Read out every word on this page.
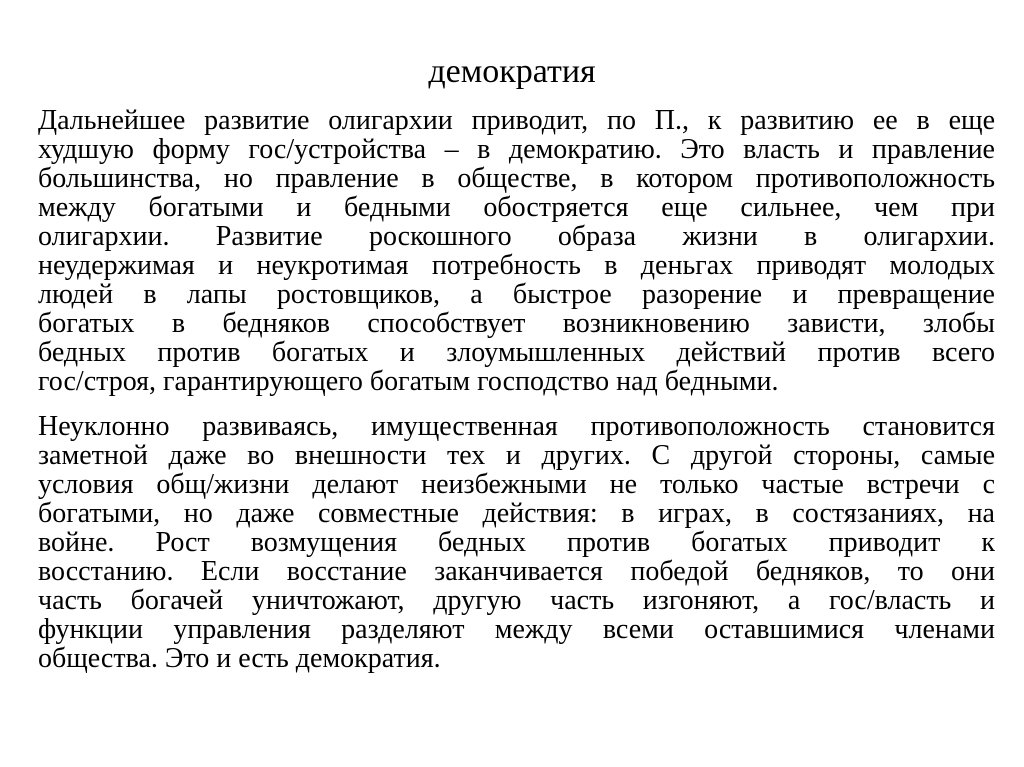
демократия
Дальнейшее развитие олигархии приводит, по П., к развитию ее в еще
худшую форму гос/устройства – в демократию. Это власть и правление
большинства, но правление в обществе, в котором противоположность
между богатыми и бедными обостряется еще сильнее, чем при
олигархии. Развитие роскошного образа жизни в олигархии.
неудержимая и неукротимая потребность в деньгах приводят молодых
людей в лапы ростовщиков, а быстрое разорение и превращение
богатых в бедняков способствует возникновению зависти, злобы
бедных против богатых и злоумышленных действий против всего
гос/строя, гарантирующего богатым господство над бедными.
Неуклонно развиваясь, имущественная противоположность становится
заметной даже во внешности тех и других. С другой стороны, самые
условия общ/жизни делают неизбежными не только частые встречи с
богатыми, но даже совместные действия: в играх, в состязаниях, на
войне. Рост возмущения бедных против богатых приводит к
восстанию. Если восстание заканчивается победой бедняков, то они
часть богачей уничтожают, другую часть изгоняют, а гос/власть и
функции управления разделяют между всеми оставшимися членами
общества. Это и есть демократия.
